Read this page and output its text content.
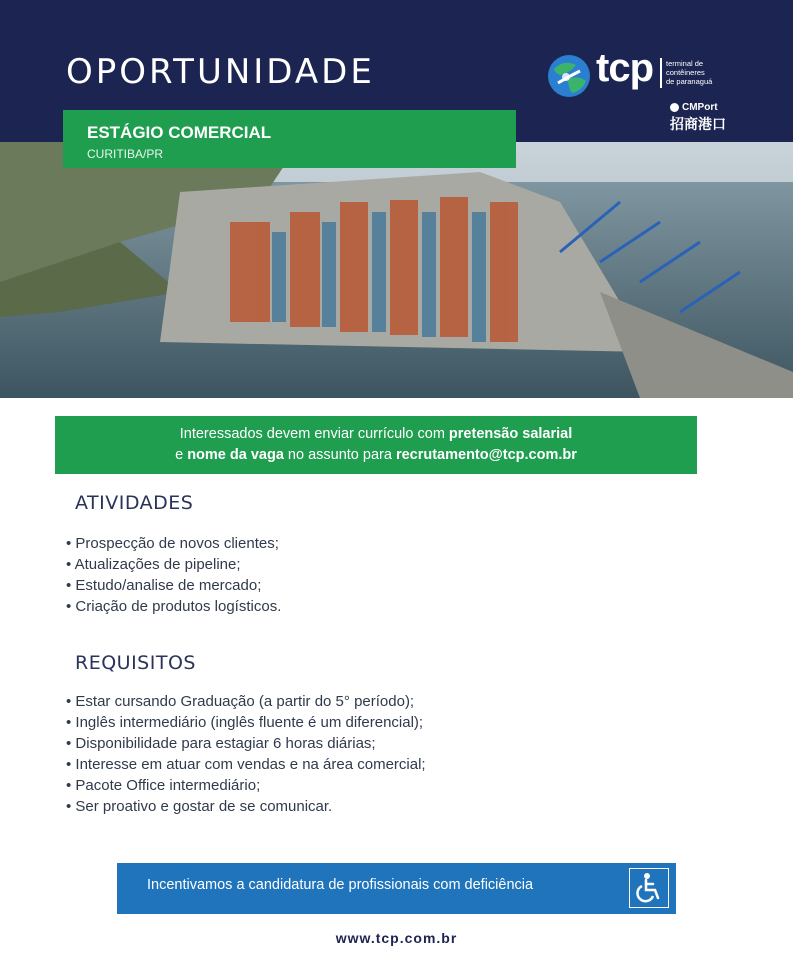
OPORTUNIDADE	tcp terminal de
contêineres
de paranaguá
CMPort
招商港口
ESTÁGIO COMERCIAL
CURITIBA/PR
Interessados devem enviar currículo com pretensão salarial
e nome da vaga no assunto para recrutamento@tcp.com.br
ATIVIDADES
• Prospecção de novos clientes;
• Atualizações de pipeline;
• Estudo/analise de mercado;
• Criação de produtos logísticos.
REQUISITOS
• Estar cursando Graduação (a partir do 5° período);
• Inglês intermediário (inglês fluente é um diferencial);
• Disponibilidade para estagiar 6 horas diárias;
• Interesse em atuar com vendas e na área comercial;
• Pacote Office intermediário;
• Ser proativo e gostar de se comunicar.
Incentivamos a candidatura de profissionais com deficiência
www.tcp.com.br
